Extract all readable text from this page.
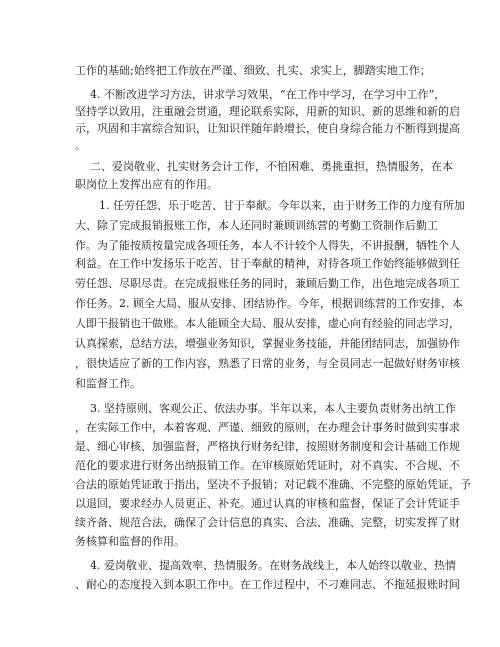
工作的基础;始终把工作放在严谨、细致、扎实、求实上，脚踏实地工作；
4. 不断改进学习方法，讲求学习效果，“在工作中学习，在学习中工作”，
坚持学以致用，注重融会贯通，理论联系实际，用新的知识、新的思维和新的启
示，巩固和丰富综合知识，让知识伴随年龄增长，使自身综合能力不断得到提高
。
二、爱岗敬业、扎实财务会计工作，不怕困难、勇挑重担，热情服务，在本
职岗位上发挥出应有的作用。
1. 任劳任怨、乐于吃苦、甘于奉献。今年以来，由于财务工作的力度有所加
大、除了完成报销报账工作，本人还同时兼顾训练营的考勤工资制作后勤工
作。为了能按质按量完成各项任务，本人不计较个人得失，不讲报酬，牺牲个人
利益。在工作中发扬乐于吃苦、甘于奉献的精神，对待各项工作始终能够做到任
劳任怨、尽职尽责。在完成报账任务的同时，兼顾后勤工作，出色地完成各项工
作任务。2. 顾全大局、服从安排、团结协作。今年，根据训练营的工作安排，本
人即干报销也干做账。本人能顾全大局、服从安排，虚心向有经验的同志学习，
认真探索，总结方法，增强业务知识，掌握业务技能，并能团结同志，加强协作
，很快适应了新的工作内容，熟悉了日常的业务，与全员同志一起做好财务审核
和监督工作。
3. 坚持原则、客观公正、依法办事。半年以来，本人主要负责财务出纳工作
，在实际工作中，本着客观、严谨、细致的原则，在办理会计事务时做到实事求
是、细心审核、加强监督，严格执行财务纪律，按照财务制度和会计基础工作规
范化的要求进行财务出纳报销工作。在审核原始凭证时，对不真实、不合规、不
合法的原始凭证敢于指出，坚决不予报销；对记载不准确、不完整的原始凭证，予
以退回，要求经办人员更正、补充。通过认真的审核和监督，保证了会计凭证手
续齐备、规范合法，确保了会计信息的真实、合法、准确、完整，切实发挥了财
务核算和监督的作用。
4. 爱岗敬业、提高效率、热情服务。在财务战线上，本人始终以敬业、热情
、耐心的态度投入到本职工作中。在工作过程中，不刁难同志、不拖延报账时间
